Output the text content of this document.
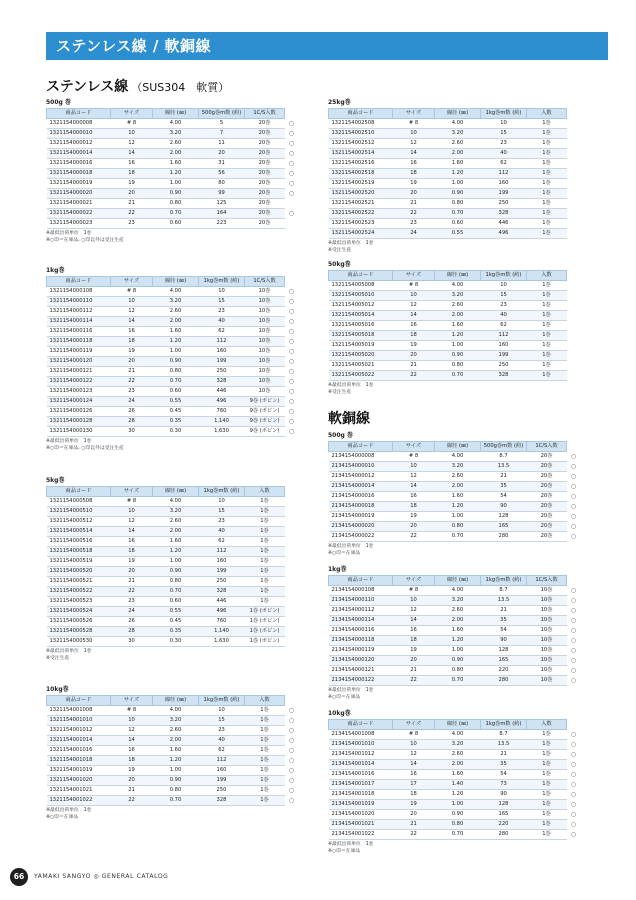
ステンレス線 / 軟銅線
ステンレス線 （SUS304　軟質）
軟銅線
500g 巻
商品コード	サイズ	線径 (㎜)	500g巻m数 (約)	1C/S入数	
1321154000008	# 8	4.00	5	20巻	○
1321154000010	10	3.20	7	20巻	○
1321154000012	12	2.60	11	20巻	○
1321154000014	14	2.00	20	20巻	○
1321154000016	16	1.60	31	20巻	○
1321154000018	18	1.20	56	20巻	○
1321154000019	19	1.00	80	20巻	○
1321154000020	20	0.90	99	20巻	○
1321154000021	21	0.80	125	20巻	
1321154000022	22	0.70	164	20巻	○
1321154000023	23	0.60	223	20巻	
※最低出荷単位　1巻
※○印＝在庫品, ○印以外は受注生産
1kg巻
商品コード	サイズ	線径 (㎜)	1kg巻m数 (約)	1C/S入数	
1321154000108	# 8	4.00	10	10巻	○
1321154000110	10	3.20	15	10巻	○
1321154000112	12	2.60	23	10巻	○
1321154000114	14	2.00	40	10巻	○
1321154000116	16	1.60	62	10巻	○
1321154000118	18	1.20	112	10巻	○
1321154000119	19	1.00	160	10巻	○
1321154000120	20	0.90	199	10巻	○
1321154000121	21	0.80	250	10巻	○
1321154000122	22	0.70	328	10巻	○
1321154000123	23	0.60	446	10巻	○
1321154000124	24	0.55	496	9巻 (ボビン)	○
1321154000126	26	0.45	760	9巻 (ボビン)	○
1321154000128	28	0.35	1,140	9巻 (ボビン)	○
1321154000130	30	0.30	1,630	9巻 (ボビン)	○
※最低出荷単位　1巻
※○印＝在庫品, ○印以外は受注生産
5kg巻
商品コード	サイズ	線径 (㎜)	1kg巻m数 (約)	入数	
1321154000508	# 8	4.00	10	1巻	
1321154000510	10	3.20	15	1巻	
1321154000512	12	2.60	23	1巻	
1321154000514	14	2.00	40	1巻	
1321154000516	16	1.60	62	1巻	
1321154000518	18	1.20	112	1巻	
1321154000519	19	1.00	160	1巻	
1321154000520	20	0.90	199	1巻	
1321154000521	21	0.80	250	1巻	
1321154000522	22	0.70	328	1巻	
1321154000523	23	0.60	446	1巻	
1321154000524	24	0.55	496	1巻 (ボビン)	
1321154000526	26	0.45	760	1巻 (ボビン)	
1321154000528	28	0.35	1,140	1巻 (ボビン)	
1321154000530	30	0.30	1,630	1巻 (ボビン)	
※最低出荷単位　1巻
※受注生産
10kg巻
商品コード	サイズ	線径 (㎜)	1kg巻m数 (約)	入数	
1321154001008	# 8	4.00	10	1巻	○
1321154001010	10	3.20	15	1巻	○
1321154001012	12	2.60	23	1巻	○
1321154001014	14	2.00	40	1巻	○
1321154001016	16	1.60	62	1巻	○
1321154001018	18	1.20	112	1巻	○
1321154001019	19	1.00	160	1巻	○
1321154001020	20	0.90	199	1巻	○
1321154001021	21	0.80	250	1巻	○
1321154001022	22	0.70	328	1巻	○
※最低出荷単位　1巻
※○印＝在庫品
25kg巻
商品コード	サイズ	線径 (㎜)	1kg巻m数 (約)	入数	
1321154002508	# 8	4.00	10	1巻	
1321154002510	10	3.20	15	1巻	
1321154002512	12	2.60	23	1巻	
1321154002514	14	2.00	40	1巻	
1321154002516	16	1.60	62	1巻	
1321154002518	18	1.20	112	1巻	
1321154002519	19	1.00	160	1巻	
1321154002520	20	0.90	199	1巻	
1321154002521	21	0.80	250	1巻	
1321154002522	22	0.70	328	1巻	
1321154002523	23	0.60	446	1巻	
1321154002524	24	0.55	496	1巻	
※最低出荷単位　1巻
※受注生産
50kg巻
商品コード	サイズ	線径 (㎜)	1kg巻m数 (約)	入数	
1321154005008	# 8	4.00	10	1巻	
1321154005010	10	3.20	15	1巻	
1321154005012	12	2.60	23	1巻	
1321154005014	14	2.00	40	1巻	
1321154005016	16	1.60	62	1巻	
1321154005018	18	1.20	112	1巻	
1321154005019	19	1.00	160	1巻	
1321154005020	20	0.90	199	1巻	
1321154005021	21	0.80	250	1巻	
1321154005022	22	0.70	328	1巻	
※最低出荷単位　1巻
※受注生産
500g 巻
商品コード	サイズ	線径 (㎜)	500g巻m数 (約)	1C/S入数	
2134154000008	# 8	4.00	8.7	20巻	○
2134154000010	10	3.20	13.5	20巻	○
2134154000012	12	2.60	21	20巻	○
2134154000014	14	2.00	35	20巻	○
2134154000016	16	1.60	54	20巻	○
2134154000018	18	1.20	90	20巻	○
2134154000019	19	1.00	128	20巻	○
2134154000020	20	0.80	165	20巻	○
2134154000022	22	0.70	280	20巻	○
※最低出荷単位　1巻
※○印＝在庫品
1kg巻
商品コード	サイズ	線径 (㎜)	1kg巻m数 (約)	1C/S入数	
2134154000108	# 8	4.00	8.7	10巻	○
2134154000110	10	3.20	13.5	10巻	○
2134154000112	12	2.60	21	10巻	○
2134154000114	14	2.00	35	10巻	○
2134154000116	16	1.60	54	10巻	○
2134154000118	18	1.20	90	10巻	○
2134154000119	19	1.00	128	10巻	○
2134154000120	20	0.90	165	10巻	○
2134154000121	21	0.80	220	10巻	○
2134154000122	22	0.70	280	10巻	○
※最低出荷単位　1巻
※○印＝在庫品
10kg巻
商品コード	サイズ	線径 (㎜)	1kg巻m数 (約)	入数	
2134154001008	# 8	4.00	8.7	1巻	○
2134154001010	10	3.20	13.5	1巻	○
2134154001012	12	2.60	21	1巻	○
2134154001014	14	2.00	35	1巻	○
2134154001016	16	1.60	54	1巻	○
2134154001017	17	1.40	73	1巻	○
2134154001018	18	1.20	90	1巻	○
2134154001019	19	1.00	128	1巻	○
2134154001020	20	0.90	165	1巻	○
2134154001021	21	0.80	220	1巻	○
2134154001022	22	0.70	280	1巻	○
※最低出荷単位　1巻
※○印＝在庫品
66	YAMAKI SANGYO ◎ GENERAL CATALOG
